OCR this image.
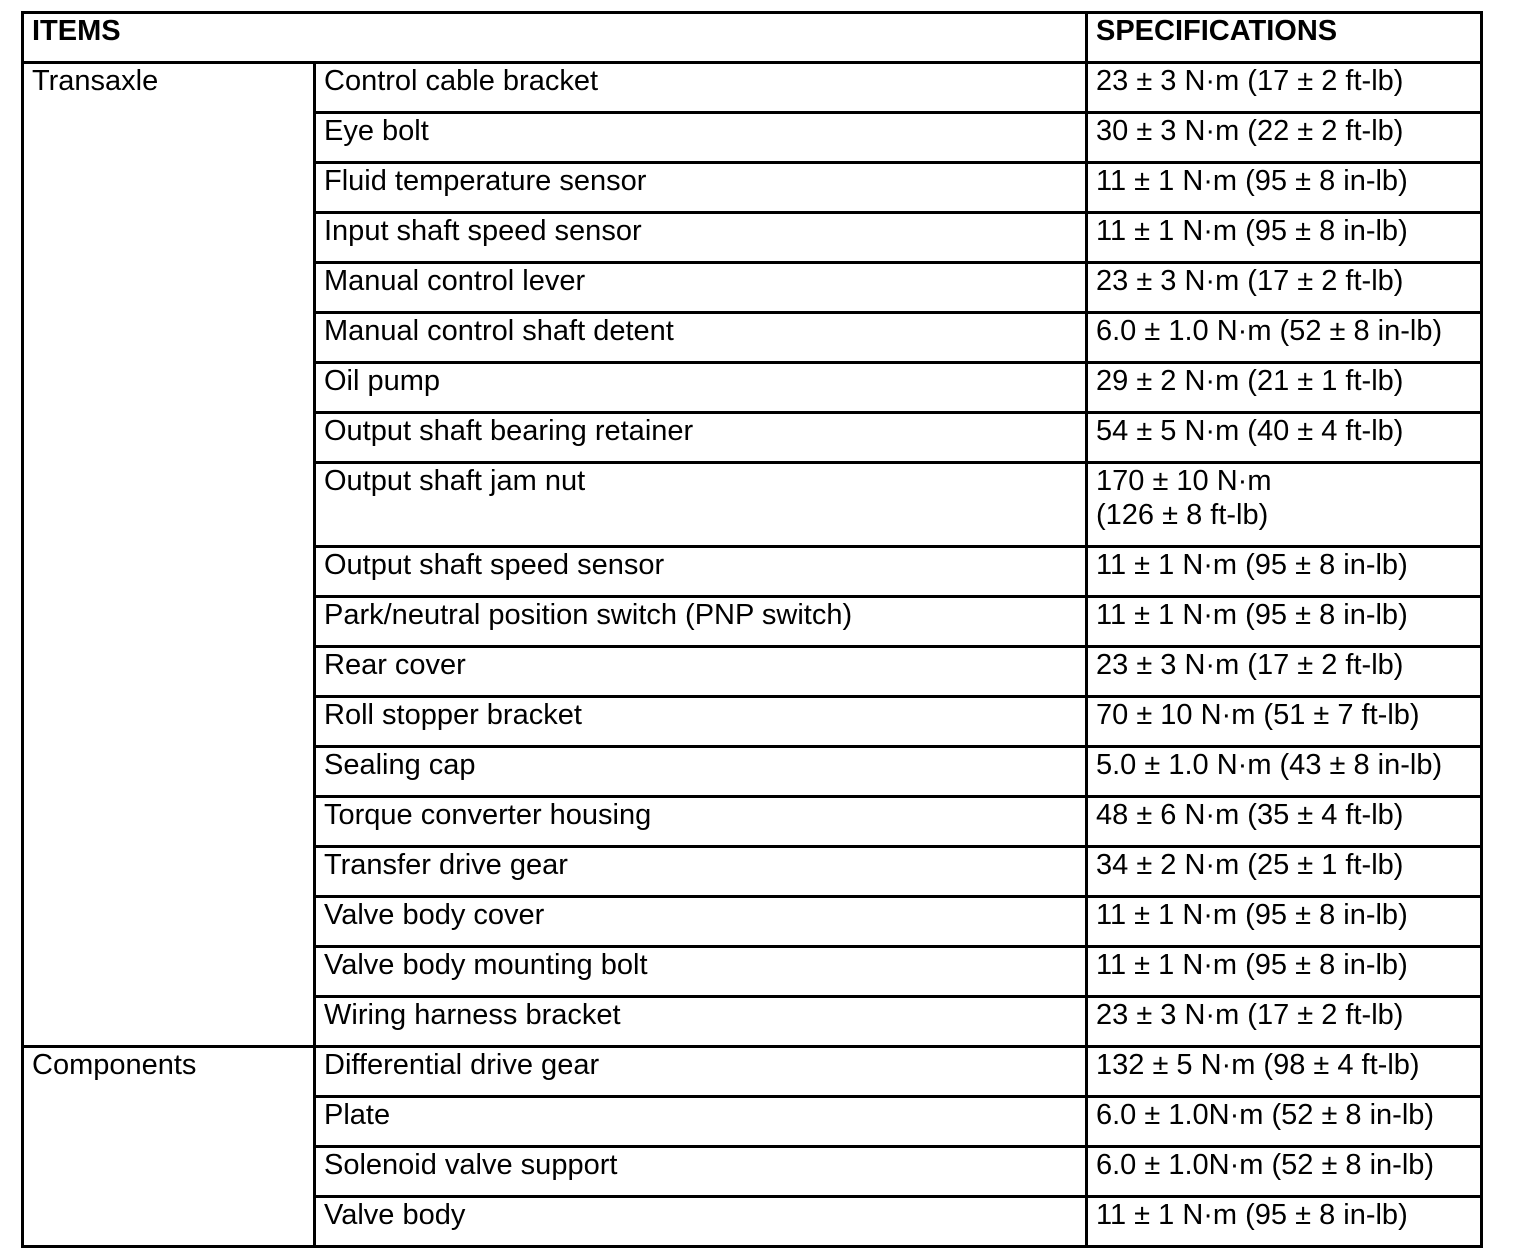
ITEMS		SPECIFICATIONS
Transaxle	Control cable bracket	23 ± 3 N·m (17 ± 2 ft-lb)
	Eye bolt	30 ± 3 N·m (22 ± 2 ft-lb)
	Fluid temperature sensor	11 ± 1 N·m (95 ± 8 in-lb)
	Input shaft speed sensor	11 ± 1 N·m (95 ± 8 in-lb)
	Manual control lever	23 ± 3 N·m (17 ± 2 ft-lb)
	Manual control shaft detent	6.0 ± 1.0 N·m (52 ± 8 in-lb)
	Oil pump	29 ± 2 N·m (21 ± 1 ft-lb)
	Output shaft bearing retainer	54 ± 5 N·m (40 ± 4 ft-lb)
	Output shaft jam nut	170 ± 10 N·m
(126 ± 8 ft-lb)

	Output shaft speed sensor	11 ± 1 N·m (95 ± 8 in-lb)
	Park/neutral position switch (PNP switch)	11 ± 1 N·m (95 ± 8 in-lb)
	Rear cover	23 ± 3 N·m (17 ± 2 ft-lb)
	Roll stopper bracket	70 ± 10 N·m (51 ± 7 ft-lb)
	Sealing cap	5.0 ± 1.0 N·m (43 ± 8 in-lb)
	Torque converter housing	48 ± 6 N·m (35 ± 4 ft-lb)
	Transfer drive gear	34 ± 2 N·m (25 ± 1 ft-lb)
	Valve body cover	11 ± 1 N·m (95 ± 8 in-lb)
	Valve body mounting bolt	11 ± 1 N·m (95 ± 8 in-lb)
	Wiring harness bracket	23 ± 3 N·m (17 ± 2 ft-lb)
Components	Differential drive gear	132 ± 5 N·m (98 ± 4 ft-lb)
	Plate	6.0 ± 1.0N·m (52 ± 8 in-lb)
	Solenoid valve support	6.0 ± 1.0N·m (52 ± 8 in-lb)
	Valve body	11 ± 1 N·m (95 ± 8 in-lb)
